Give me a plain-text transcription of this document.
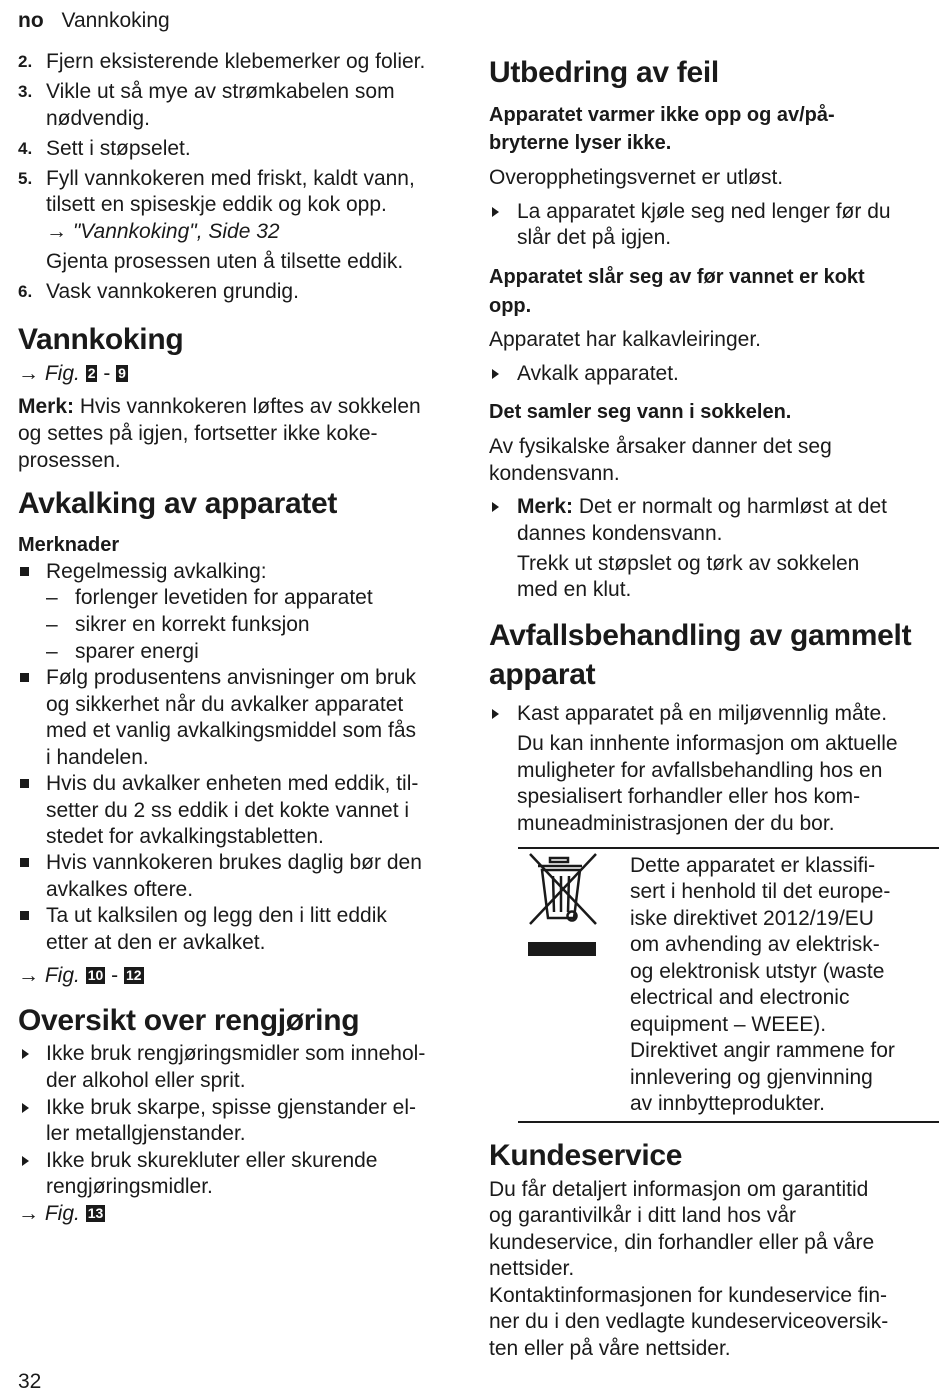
no Vannkoking
2. Fjern eksisterende klebemerker og folier.
3. Vikle ut så mye av strømkabelen som
nødvendig.
4. Sett i støpselet.
5. Fyll vannkokeren med friskt, kaldt vann,
tilsett en spiseskje eddik og kok opp.
→ "Vannkoking", Side 32
Gjenta prosessen uten å tilsette eddik.
6. Vask vannkokeren grundig.
Vannkoking
→ Fig. 2 - 9
Merk: Hvis vannkokeren løftes av sokkelen
og settes på igjen, fortsetter ikke koke-
prosessen.
Avkalking av apparatet
Merknader
Regelmessig avkalking:
– forlenger levetiden for apparatet
– sikrer en korrekt funksjon
– sparer energi
Følg produsentens anvisninger om bruk
og sikkerhet når du avkalker apparatet
med et vanlig avkalkingsmiddel som fås
i handelen.
Hvis du avkalker enheten med eddik, til-
setter du 2 ss eddik i det kokte vannet i
stedet for avkalkingstabletten.
Hvis vannkokeren brukes daglig bør den
avkalkes oftere.
Ta ut kalksilen og legg den i litt eddik
etter at den er avkalket.
→ Fig. 10 - 12
Oversikt over rengjøring
Ikke bruk rengjøringsmidler som innehol-
der alkohol eller sprit.
Ikke bruk skarpe, spisse gjenstander el-
ler metallgjenstander.
Ikke bruk skurekluter eller skurende
rengjøringsmidler.
→ Fig. 13
Utbedring av feil
Apparatet varmer ikke opp og av/på-
bryterne lyser ikke.
Overopphetingsvernet er utløst.
La apparatet kjøle seg ned lenger før du
slår det på igjen.
Apparatet slår seg av før vannet er kokt
opp.
Apparatet har kalkavleiringer.
Avkalk apparatet.
Det samler seg vann i sokkelen.
Av fysikalske årsaker danner det seg
kondensvann.
Merk: Det er normalt og harmløst at det
dannes kondensvann.
Trekk ut støpslet og tørk av sokkelen
med en klut.
Avfallsbehandling av gammelt
apparat
Kast apparatet på en miljøvennlig måte.
Du kan innhente informasjon om aktuelle
muligheter for avfallsbehandling hos en
spesialisert forhandler eller hos kom-
muneadministrasjonen der du bor.
Dette apparatet er klassifi-
sert i henhold til det europe-
iske direktivet 2012/19/EU
om avhending av elektrisk-
og elektronisk utstyr (waste
electrical and electronic
equipment – WEEE).
Direktivet angir rammene for
innlevering og gjenvinning
av innbytteprodukter.
Kundeservice
Du får detaljert informasjon om garantitid
og garantivilkår i ditt land hos vår
kundeservice, din forhandler eller på våre
nettsider.
Kontaktinformasjonen for kundeservice fin-
ner du i den vedlagte kundeserviceoversik-
ten eller på våre nettsider.
32
